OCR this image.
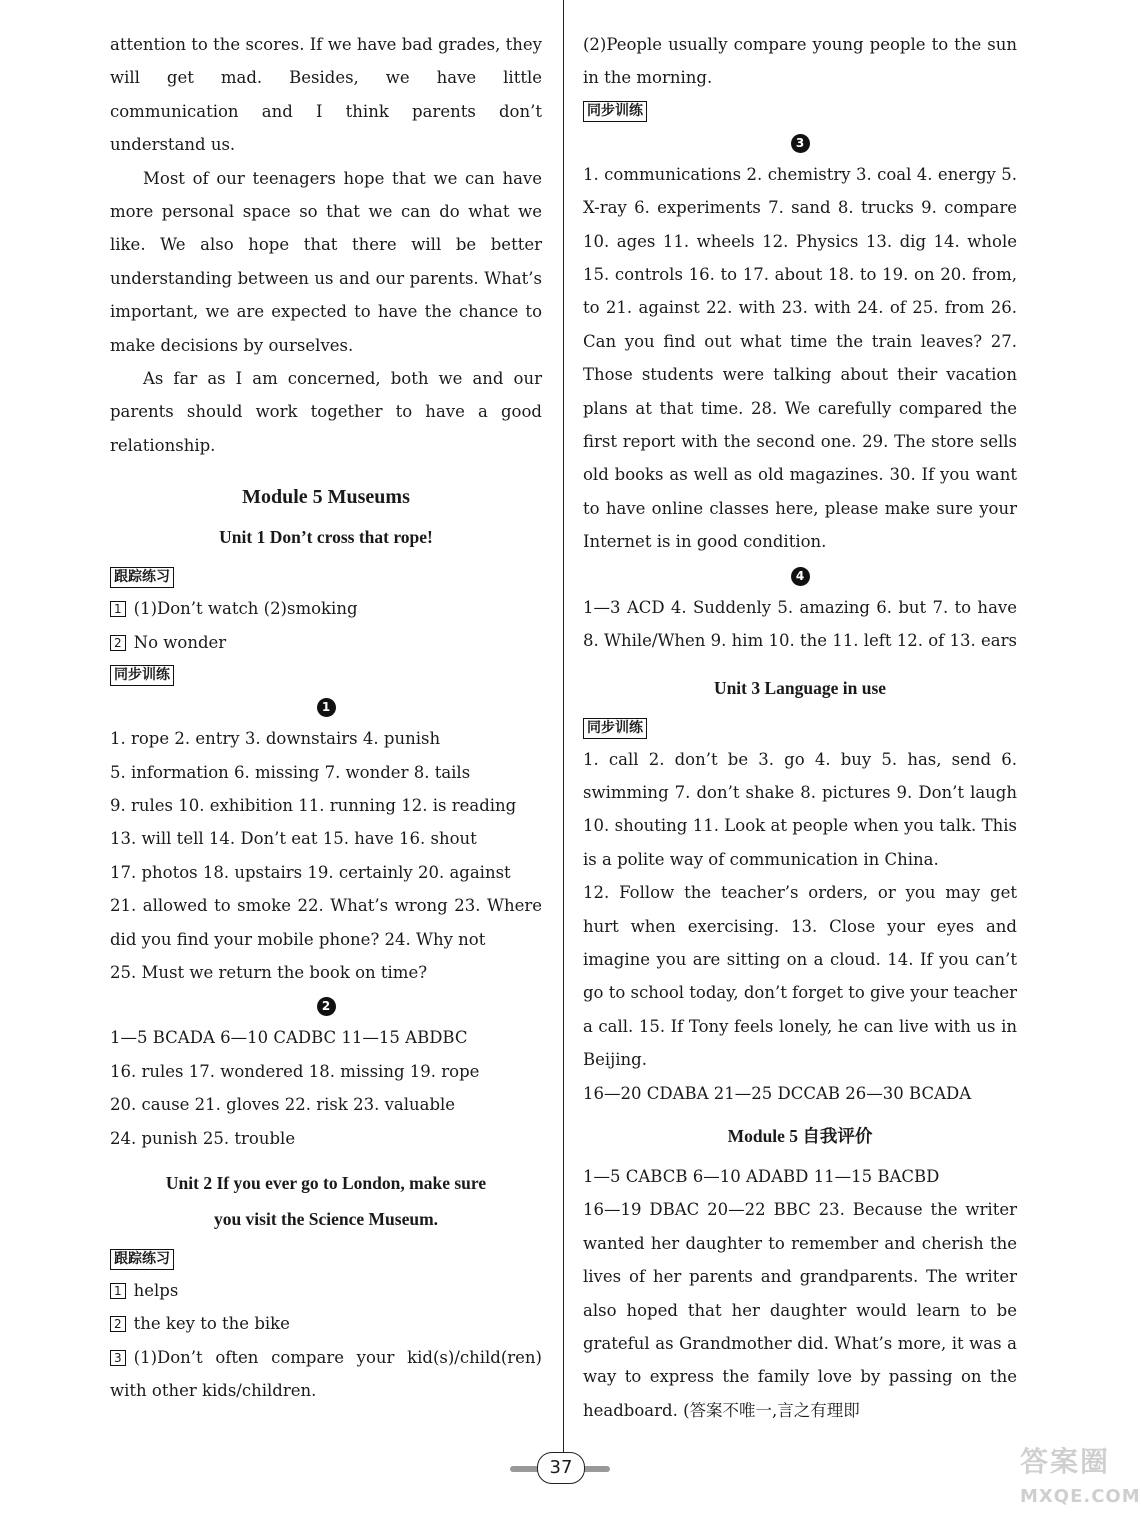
attention to the scores. If we have bad grades, they will get mad. Besides, we have little communication and I think parents don’t understand us.

Most of our teenagers hope that we can have more personal space so that we can do what we like. We also hope that there will be better understanding between us and our parents. What’s important, we are expected to have the chance to make decisions by ourselves.

As far as I am concerned, both we and our parents should work together to have a good relationship.

Module 5 Museums
Unit 1 Don’t cross that rope!
跟踪练习

1 (1)Don’t watch (2)smoking

2 No wonder

同步训练
1

1. rope 2. entry 3. downstairs 4. punish

5. information 6. missing 7. wonder 8. tails

9. rules 10. exhibition 11. running 12. is reading

13. will tell 14. Don’t eat 15. have 16. shout

17. photos 18. upstairs 19. certainly 20. against

21. allowed to smoke 22. What’s wrong 23. Where did you find your mobile phone? 24. Why not

25. Must we return the book on time?

2

1—5 BCADA 6—10 CADBC 11—15 ABDBC

16. rules 17. wondered 18. missing 19. rope

20. cause 21. gloves 22. risk 23. valuable

24. punish 25. trouble

Unit 2 If you ever go to London, make sure
you visit the Science Museum.
跟踪练习

1 helps

2 the key to the bike

3 (1)Don’t often compare your kid(s)/child(ren) with other kids/children.

(2)People usually compare young people to the sun in the morning.

同步训练
3

1. communications 2. chemistry 3. coal 4. energy 5. X-ray 6. experiments 7. sand 8. trucks 9. compare 10. ages 11. wheels 12. Physics 13. dig 14. whole 15. controls 16. to 17. about 18. to 19. on 20. from, to 21. against 22. with 23. with 24. of 25. from 26. Can you find out what time the train leaves? 27. Those students were talking about their vacation plans at that time. 28. We carefully compared the first report with the second one. 29. The store sells old books as well as old magazines. 30. If you want to have online classes here, please make sure your Internet is in good condition.

4

1—3 ACD 4. Suddenly 5. amazing 6. but 7. to have 8. While/When 9. him 10. the 11. left 12. of 13. ears

Unit 3 Language in use
同步训练

1. call 2. don’t be 3. go 4. buy 5. has, send 6. swimming 7. don’t shake 8. pictures 9. Don’t laugh 10. shouting 11. Look at people when you talk. This is a polite way of communication in China.

12. Follow the teacher’s orders, or you may get hurt when exercising. 13. Close your eyes and imagine you are sitting on a cloud. 14. If you can’t go to school today, don’t forget to give your teacher a call. 15. If Tony feels lonely, he can live with us in Beijing.

16—20 CDABA 21—25 DCCAB 26—30 BCADA

Module 5 自我评价

1—5 CABCB 6—10 ADABD 11—15 BACBD

16—19 DBAC 20—22 BBC 23. Because the writer wanted her daughter to remember and cherish the lives of her parents and grandparents. The writer also hoped that her daughter would learn to be grateful as Grandmother did. What’s more, it was a way to express the family love by passing on the headboard. (答案不唯一,言之有理即

37	答案圈
MXQE.COM
